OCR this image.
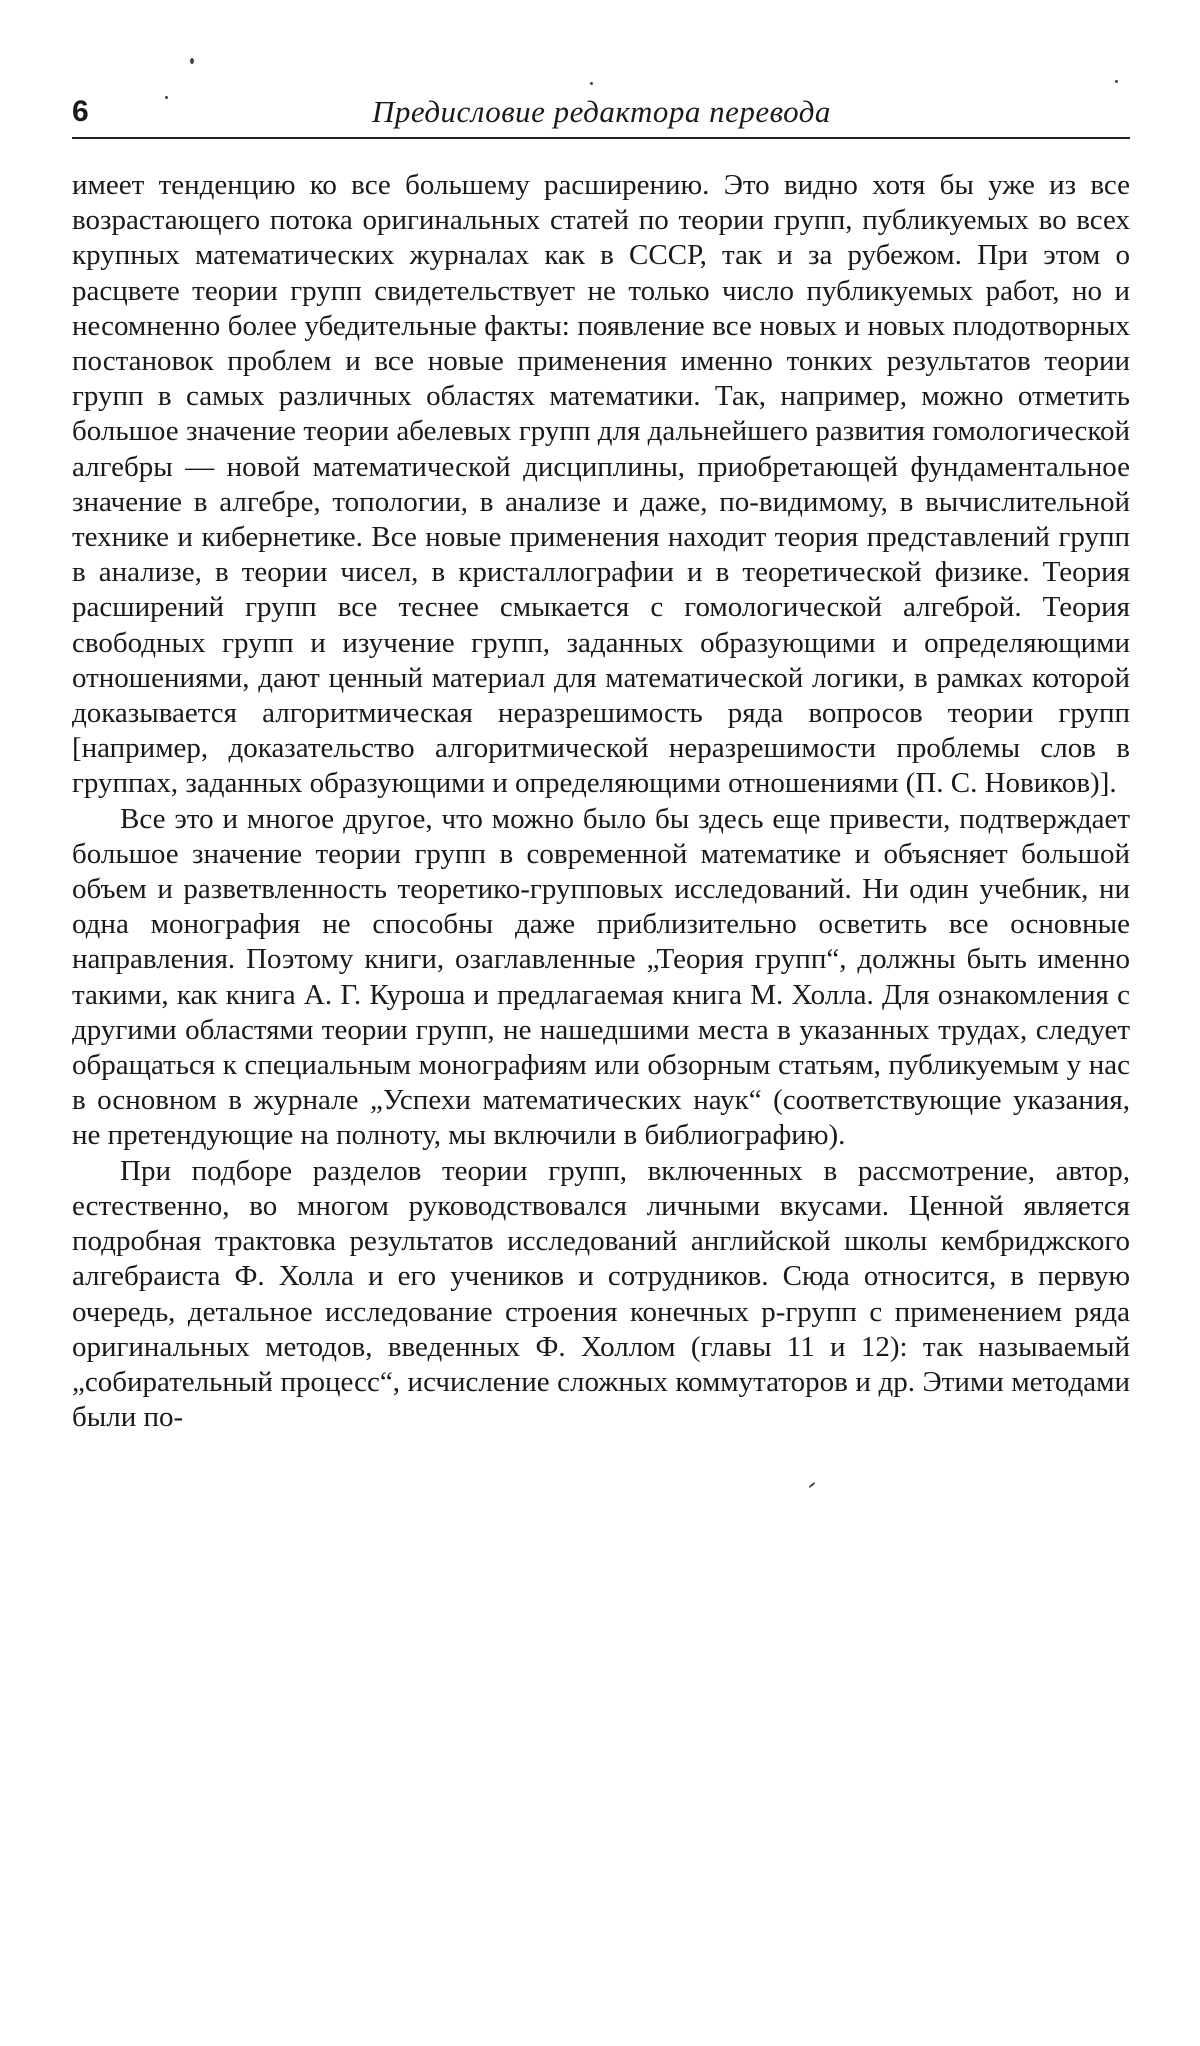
6	Предисловие редактора перевода

имеет тенденцию ко все большему расширению. Это видно хотя бы уже из все возрастающего потока оригинальных статей по теории групп, публикуемых во всех крупных математических журналах как в СССР, так и за рубежом. При этом о расцвете теории групп свидетельствует не только число публикуемых работ, но и несомненно более убедительные факты: появление все новых и новых плодотворных постановок проблем и все новые применения именно тонких результатов теории групп в самых различных областях математики. Так, например, можно отметить большое значение теории абелевых групп для дальнейшего развития гомологической алгебры — новой математической дисциплины, приобретающей фундаментальное значение в алгебре, топологии, в анализе и даже, по-видимому, в вычислительной технике и кибернетике. Все новые применения находит теория представлений групп в анализе, в теории чисел, в кристаллографии и в теоретической физике. Теория расширений групп все теснее смыкается с гомологической алгеброй. Теория свободных групп и изучение групп, заданных образующими и определяющими отношениями, дают ценный материал для математической логики, в рамках которой доказывается алгоритмическая неразрешимость ряда вопросов теории групп [например, доказательство алгоритмической неразрешимости проблемы слов в группах, заданных образующими и определяющими отношениями (П. С. Новиков)].

Все это и многое другое, что можно было бы здесь еще привести, подтверждает большое значение теории групп в современной математике и объясняет большой объем и разветвленность теоретико-групповых исследований. Ни один учебник, ни одна монография не способны даже приблизительно осветить все основные направления. Поэтому книги, озаглавленные „Теория групп“, должны быть именно такими, как книга А. Г. Куроша и предлагаемая книга М. Холла. Для ознакомления с другими областями теории групп, не нашедшими места в указанных трудах, следует обращаться к специальным монографиям или обзорным статьям, публикуемым у нас в основном в журнале „Успехи математических наук“ (соответствующие указания, не претендующие на полноту, мы включили в библиографию).

При подборе разделов теории групп, включенных в рассмотрение, автор, естественно, во многом руководствовался личными вкусами. Ценной является подробная трактовка результатов исследований английской школы кембриджского алгебраиста Ф. Холла и его учеников и сотрудников. Сюда относится, в первую очередь, детальное исследование строения конечных p-групп с применением ряда оригинальных методов, введенных Ф. Холлом (главы 11 и 12): так называемый „собирательный процесс“, исчисление сложных коммутаторов и др. Этими методами были по-
